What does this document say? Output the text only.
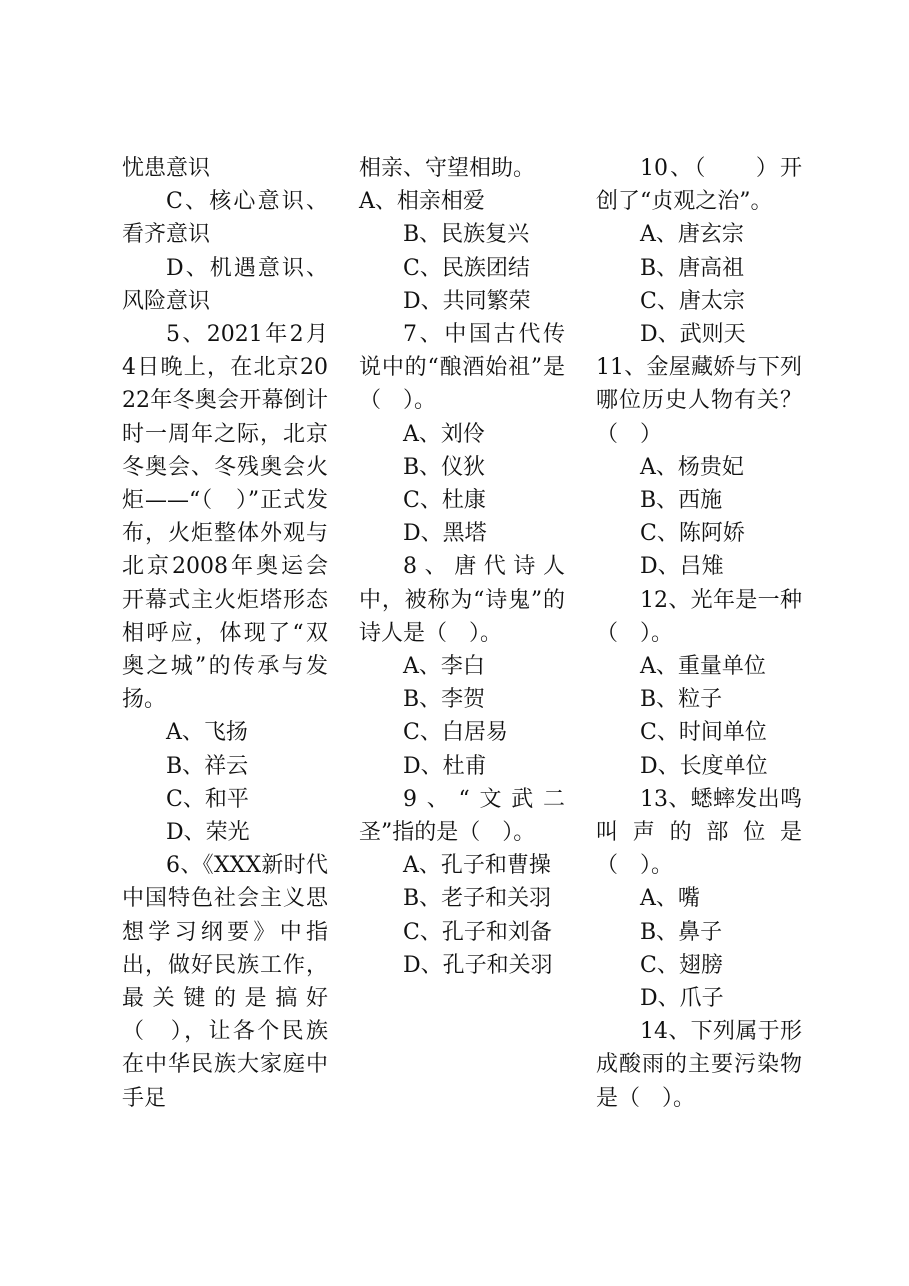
忧患意识

C、核心意识、看齐意识

D、机遇意识、风险意识

5、2021年2月4日晚上，在北京2022年冬奥会开幕倒计时一周年之际，北京冬奥会、冬残奥会火炬——“（　）”正式发布，火炬整体外观与北京2008年奥运会开幕式主火炬塔形态相呼应，体现了“双奥之城”的传承与发扬。

A、飞扬

B、祥云

C、和平

D、荣光

6、《XXX新时代中国特色社会主义思想学习纲要》中指出，做好民族工作，最关键的是搞好（　），让各个民族在中华民族大家庭中手足

相亲、守望相助。

A、相亲相爱

B、民族复兴

C、民族团结

D、共同繁荣

7、中国古代传说中的“酿酒始祖”是（　）。

A、刘伶

B、仪狄

C、杜康

D、黑塔

8、唐代诗人中，被称为“诗鬼”的诗人是（　）。

A、李白

B、李贺

C、白居易

D、杜甫

9、“文武二圣”指的是（　）。

A、孔子和曹操

B、老子和关羽

C、孔子和刘备

D、孔子和关羽

10、（　　）开创了“贞观之治”。

A、唐玄宗

B、唐高祖

C、唐太宗

D、武则天

11、金屋藏娇与下列哪位历史人物有关？（　）

A、杨贵妃

B、西施

C、陈阿娇

D、吕雉

12、光年是一种（　）。

A、重量单位

B、粒子

C、时间单位

D、长度单位

13、蟋蟀发出鸣叫声的部位是（　）。

A、嘴

B、鼻子

C、翅膀

D、爪子

14、下列属于形成酸雨的主要污染物是（　）。
